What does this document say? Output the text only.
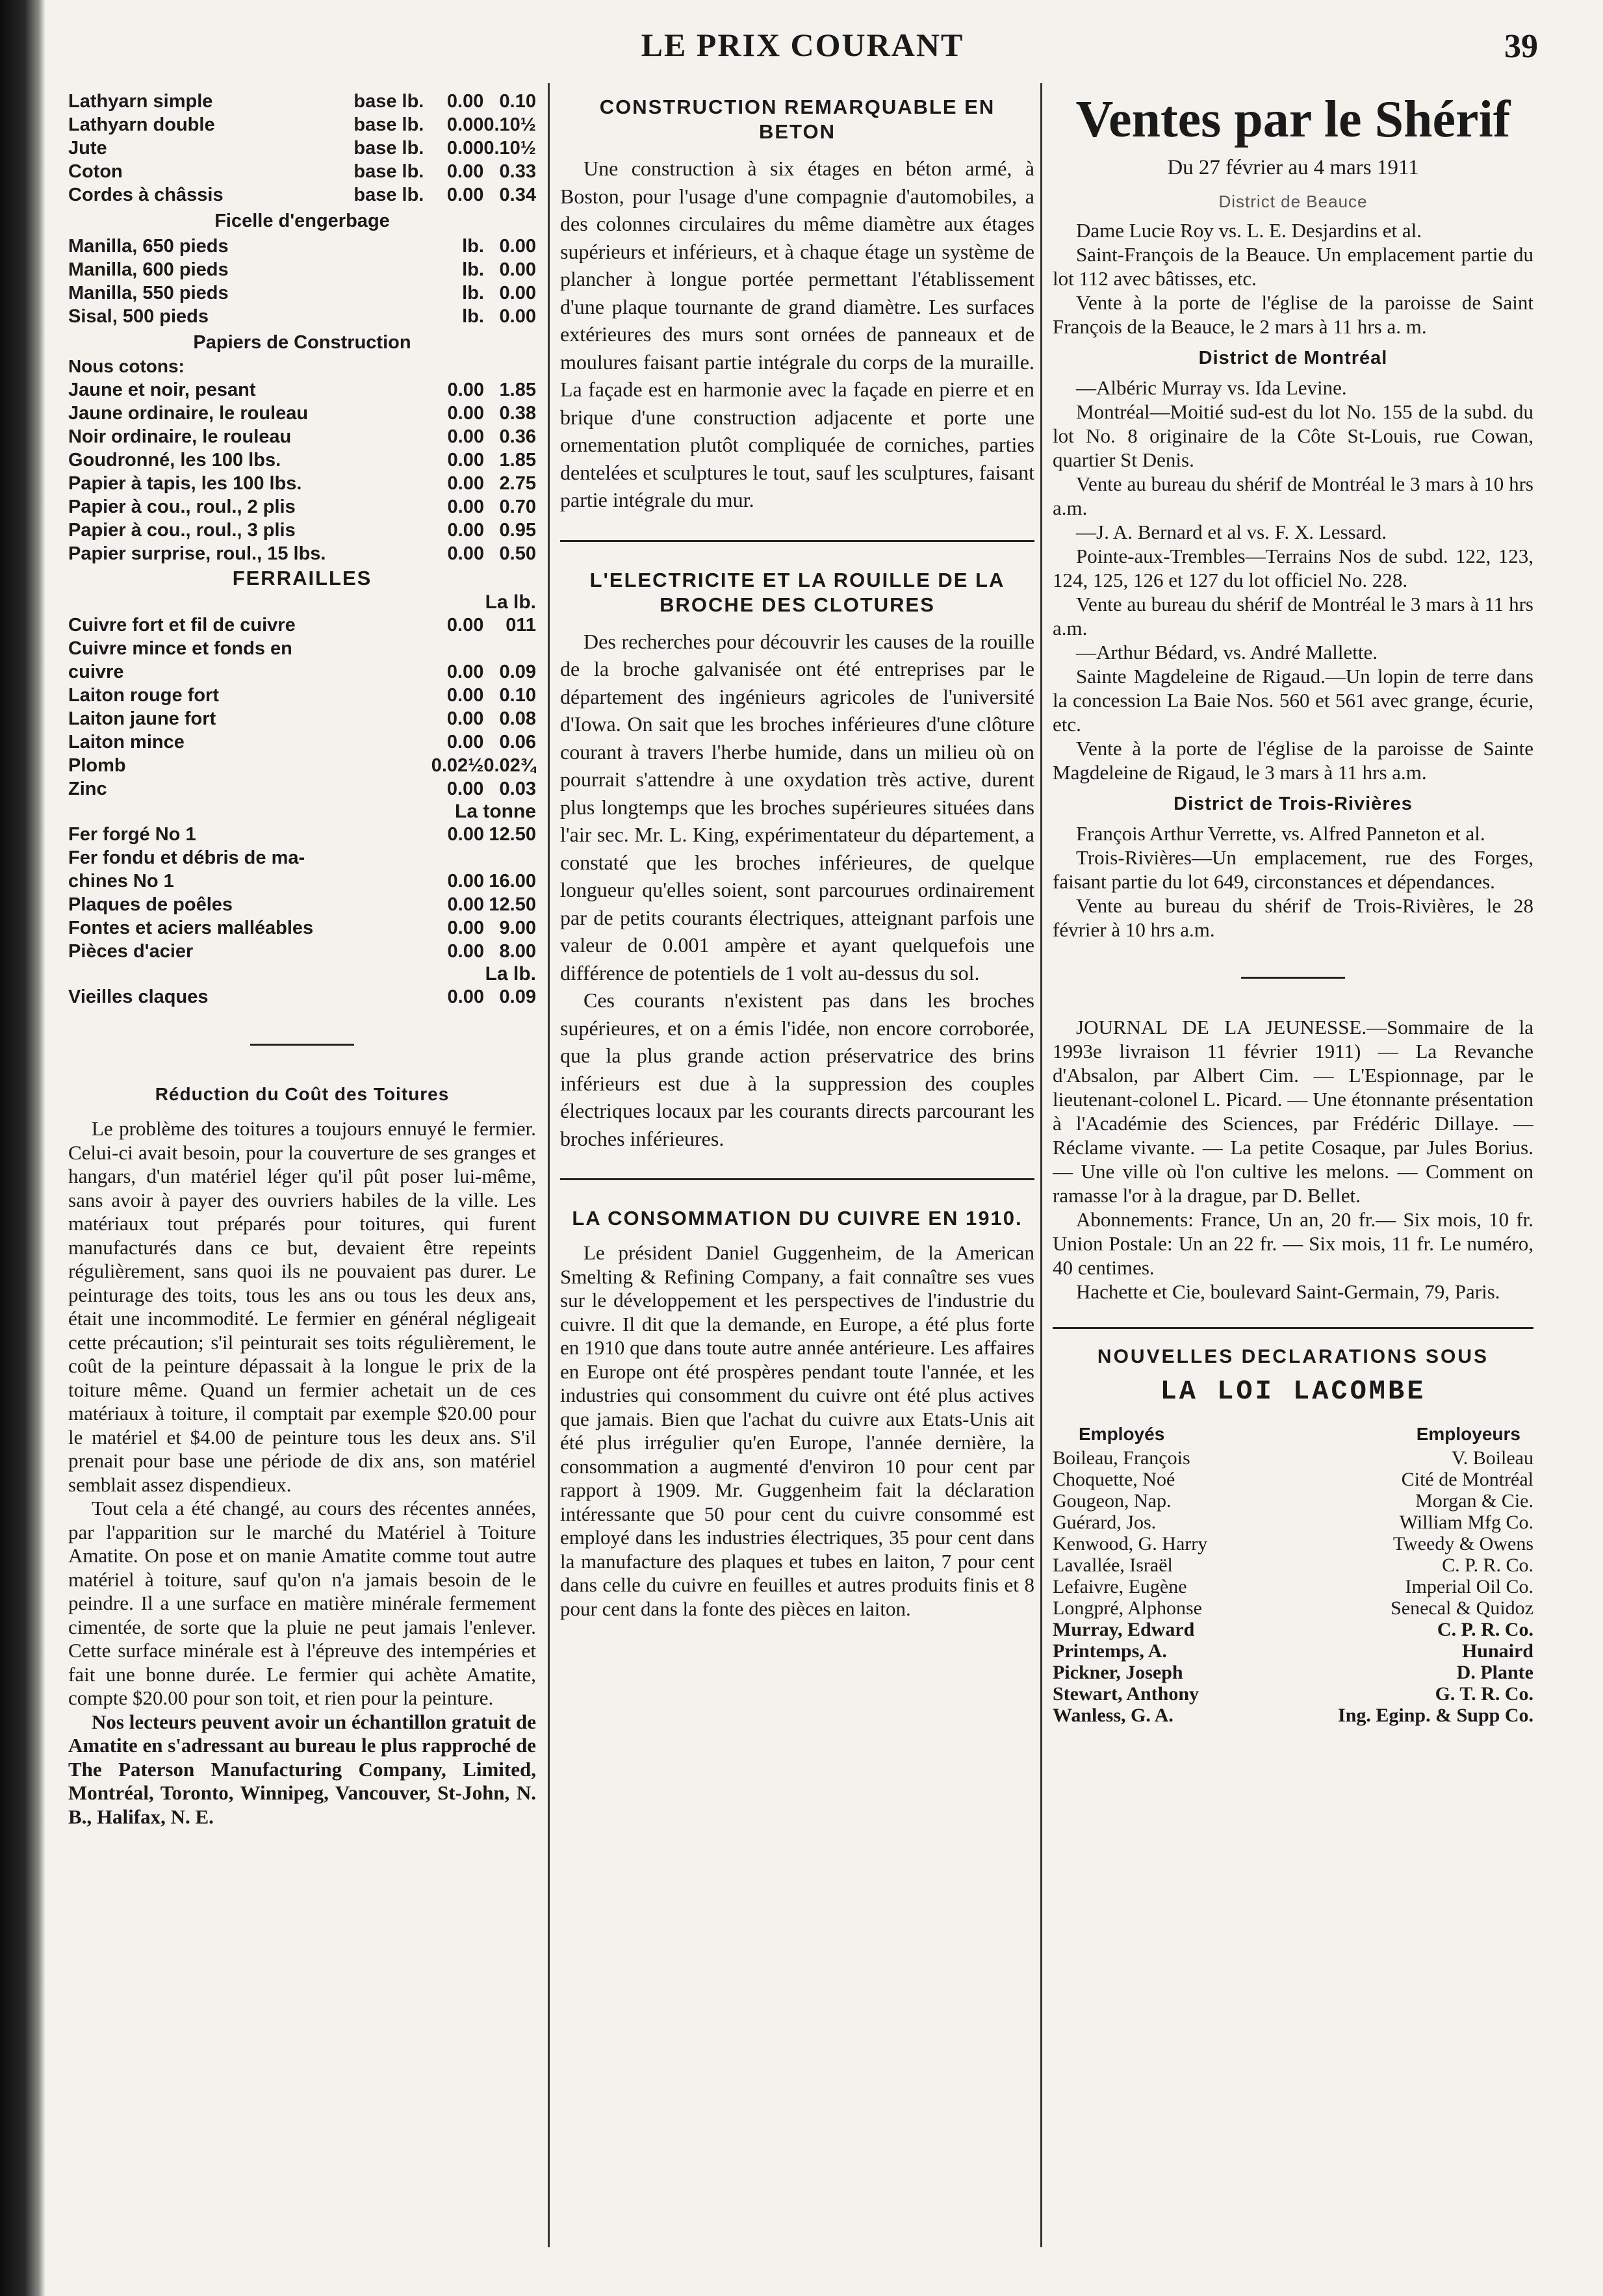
LE PRIX COURANT	39
Lathyarn simple	base lb.	0.00	0.10
Lathyarn double	base lb.	0.00	0.10½
Jute	base lb.	0.00	0.10½
Coton	base lb.	0.00	0.33
Cordes à châssis	base lb.	0.00	0.34
Ficelle d'engerbage
Manilla, 650 pieds	lb.	0.00
Manilla, 600 pieds	lb.	0.00
Manilla, 550 pieds	lb.	0.00
Sisal, 500 pieds	lb.	0.00
Papiers de Construction
Nous cotons:
Jaune et noir, pesant	0.00	1.85
Jaune ordinaire, le rouleau	0.00	0.38
Noir ordinaire, le rouleau	0.00	0.36
Goudronné, les 100 lbs.	0.00	1.85
Papier à tapis, les 100 lbs.	0.00	2.75
Papier à cou., roul., 2 plis	0.00	0.70
Papier à cou., roul., 3 plis	0.00	0.95
Papier surprise, roul., 15 lbs.	0.00	0.50
FERRAILLES
La lb.
Cuivre fort et fil de cuivre	0.00	011
Cuivre mince et fonds en		
cuivre	0.00	0.09
Laiton rouge fort	0.00	0.10
Laiton jaune fort	0.00	0.08
Laiton mince	0.00	0.06
Plomb	0.02½	0.02¾
Zinc	0.00	0.03
La tonne
Fer forgé No 1	0.00	12.50
Fer fondu et débris de ma-		
chines No 1	0.00	16.00
Plaques de poêles	0.00	12.50
Fontes et aciers malléables	0.00	9.00
Pièces d'acier	0.00	8.00
La lb.
Vieilles claques	0.00	0.09
Réduction du Coût des Toitures

Le problème des toitures a toujours ennuyé le fermier. Celui-ci avait besoin, pour la couverture de ses granges et hangars, d'un matériel léger qu'il pût poser lui-même, sans avoir à payer des ouvriers habiles de la ville. Les matériaux tout préparés pour toitures, qui furent manufacturés dans ce but, devaient être repeints régulièrement, sans quoi ils ne pouvaient pas durer. Le peinturage des toits, tous les ans ou tous les deux ans, était une incommodité. Le fermier en général négligeait cette précaution; s'il peinturait ses toits régulièrement, le coût de la peinture dépassait à la longue le prix de la toiture même. Quand un fermier achetait un de ces matériaux à toiture, il comptait par exemple $20.00 pour le matériel et $4.00 de peinture tous les deux ans. S'il prenait pour base une période de dix ans, son matériel semblait assez dispendieux.

Tout cela a été changé, au cours des récentes années, par l'apparition sur le marché du Matériel à Toiture Amatite. On pose et on manie Amatite comme tout autre matériel à toiture, sauf qu'on n'a jamais besoin de le peindre. Il a une surface en matière minérale fermement cimentée, de sorte que la pluie ne peut jamais l'enlever. Cette surface minérale est à l'épreuve des intempéries et fait une bonne durée. Le fermier qui achète Amatite, compte $20.00 pour son toit, et rien pour la peinture.

Nos lecteurs peuvent avoir un échantillon gratuit de Amatite en s'adressant au bureau le plus rapproché de The Paterson Manufacturing Company, Limited, Montréal, Toronto, Winnipeg, Vancouver, St-John, N. B., Halifax, N. E.

CONSTRUCTION REMARQUABLE EN BETON

Une construction à six étages en béton armé, à Boston, pour l'usage d'une compagnie d'automobiles, a des colonnes circulaires du même diamètre aux étages supérieurs et inférieurs, et à chaque étage un système de plancher à longue portée permettant l'établissement d'une plaque tournante de grand diamètre. Les surfaces extérieures des murs sont ornées de panneaux et de moulures faisant partie intégrale du corps de la muraille. La façade est en harmonie avec la façade en pierre et en brique d'une construction adjacente et porte une ornementation plutôt compliquée de corniches, parties dentelées et sculptures le tout, sauf les sculptures, faisant partie intégrale du mur.

L'ELECTRICITE ET LA ROUILLE DE LA BROCHE DES CLOTURES

Des recherches pour découvrir les causes de la rouille de la broche galvanisée ont été entreprises par le département des ingénieurs agricoles de l'université d'Iowa. On sait que les broches inférieures d'une clôture courant à travers l'herbe humide, dans un milieu où on pourrait s'attendre à une oxydation très active, durent plus longtemps que les broches supérieures situées dans l'air sec. Mr. L. King, expérimentateur du département, a constaté que les broches inférieures, de quelque longueur qu'elles soient, sont parcourues ordinairement par de petits courants électriques, atteignant parfois une valeur de 0.001 ampère et ayant quelquefois une différence de potentiels de 1 volt au-dessus du sol.

Ces courants n'existent pas dans les broches supérieures, et on a émis l'idée, non encore corroborée, que la plus grande action préservatrice des brins inférieurs est due à la suppression des couples électriques locaux par les courants directs parcourant les broches inférieures.

LA CONSOMMATION DU CUIVRE EN 1910.

Le président Daniel Guggenheim, de la American Smelting & Refining Company, a fait connaître ses vues sur le développement et les perspectives de l'industrie du cuivre. Il dit que la demande, en Europe, a été plus forte en 1910 que dans toute autre année antérieure. Les affaires en Europe ont été prospères pendant toute l'année, et les industries qui consomment du cuivre ont été plus actives que jamais. Bien que l'achat du cuivre aux Etats-Unis ait été plus irrégulier qu'en Europe, l'année dernière, la consommation a augmenté d'environ 10 pour cent par rapport à 1909. Mr. Guggenheim fait la déclaration intéressante que 50 pour cent du cuivre consommé est employé dans les industries électriques, 35 pour cent dans la manufacture des plaques et tubes en laiton, 7 pour cent dans celle du cuivre en feuilles et autres produits finis et 8 pour cent dans la fonte des pièces en laiton.

Ventes par le Shérif
Du 27 février au 4 mars 1911
District de Beauce

Dame Lucie Roy vs. L. E. Desjardins et al.

Saint-François de la Beauce. Un emplacement partie du lot 112 avec bâtisses, etc.

Vente à la porte de l'église de la paroisse de Saint François de la Beauce, le 2 mars à 11 hrs a. m.

District de Montréal

—Albéric Murray vs. Ida Levine.

Montréal—Moitié sud-est du lot No. 155 de la subd. du lot No. 8 originaire de la Côte St-Louis, rue Cowan, quartier St Denis.

Vente au bureau du shérif de Montréal le 3 mars à 10 hrs a.m.

—J. A. Bernard et al vs. F. X. Lessard.

Pointe-aux-Trembles—Terrains Nos de subd. 122, 123, 124, 125, 126 et 127 du lot officiel No. 228.

Vente au bureau du shérif de Montréal le 3 mars à 11 hrs a.m.

—Arthur Bédard, vs. André Mallette.

Sainte Magdeleine de Rigaud.—Un lopin de terre dans la concession La Baie Nos. 560 et 561 avec grange, écurie, etc.

Vente à la porte de l'église de la paroisse de Sainte Magdeleine de Rigaud, le 3 mars à 11 hrs a.m.

District de Trois-Rivières

François Arthur Verrette, vs. Alfred Panneton et al.

Trois-Rivières—Un emplacement, rue des Forges, faisant partie du lot 649, circonstances et dépendances.

Vente au bureau du shérif de Trois-Rivières, le 28 février à 10 hrs a.m.

JOURNAL DE LA JEUNESSE.—Sommaire de la 1993e livraison 11 février 1911) — La Revanche d'Absalon, par Albert Cim. — L'Espionnage, par le lieutenant-colonel L. Picard. — Une étonnante présentation à l'Académie des Sciences, par Frédéric Dillaye. — Réclame vivante. — La petite Cosaque, par Jules Borius. — Une ville où l'on cultive les melons. — Comment on ramasse l'or à la drague, par D. Bellet.

Abonnements: France, Un an, 20 fr.— Six mois, 10 fr. Union Postale: Un an 22 fr. — Six mois, 11 fr. Le numéro, 40 centimes.

Hachette et Cie, boulevard Saint-Germain, 79, Paris.

NOUVELLES DECLARATIONS SOUS
LA LOI LACOMBE
Employés	Employeurs
Boileau, François	V. Boileau
Choquette, Noé	Cité de Montréal
Gougeon, Nap.	Morgan & Cie.
Guérard, Jos.	William Mfg Co.
Kenwood, G. Harry	Tweedy & Owens
Lavallée, Israël	C. P. R. Co.
Lefaivre, Eugène	Imperial Oil Co.
Longpré, Alphonse	Senecal & Quidoz
Murray, Edward	C. P. R. Co.
Printemps, A.	Hunaird
Pickner, Joseph	D. Plante
Stewart, Anthony	G. T. R. Co.
Wanless, G. A.	Ing. Eginp. & Supp Co.
